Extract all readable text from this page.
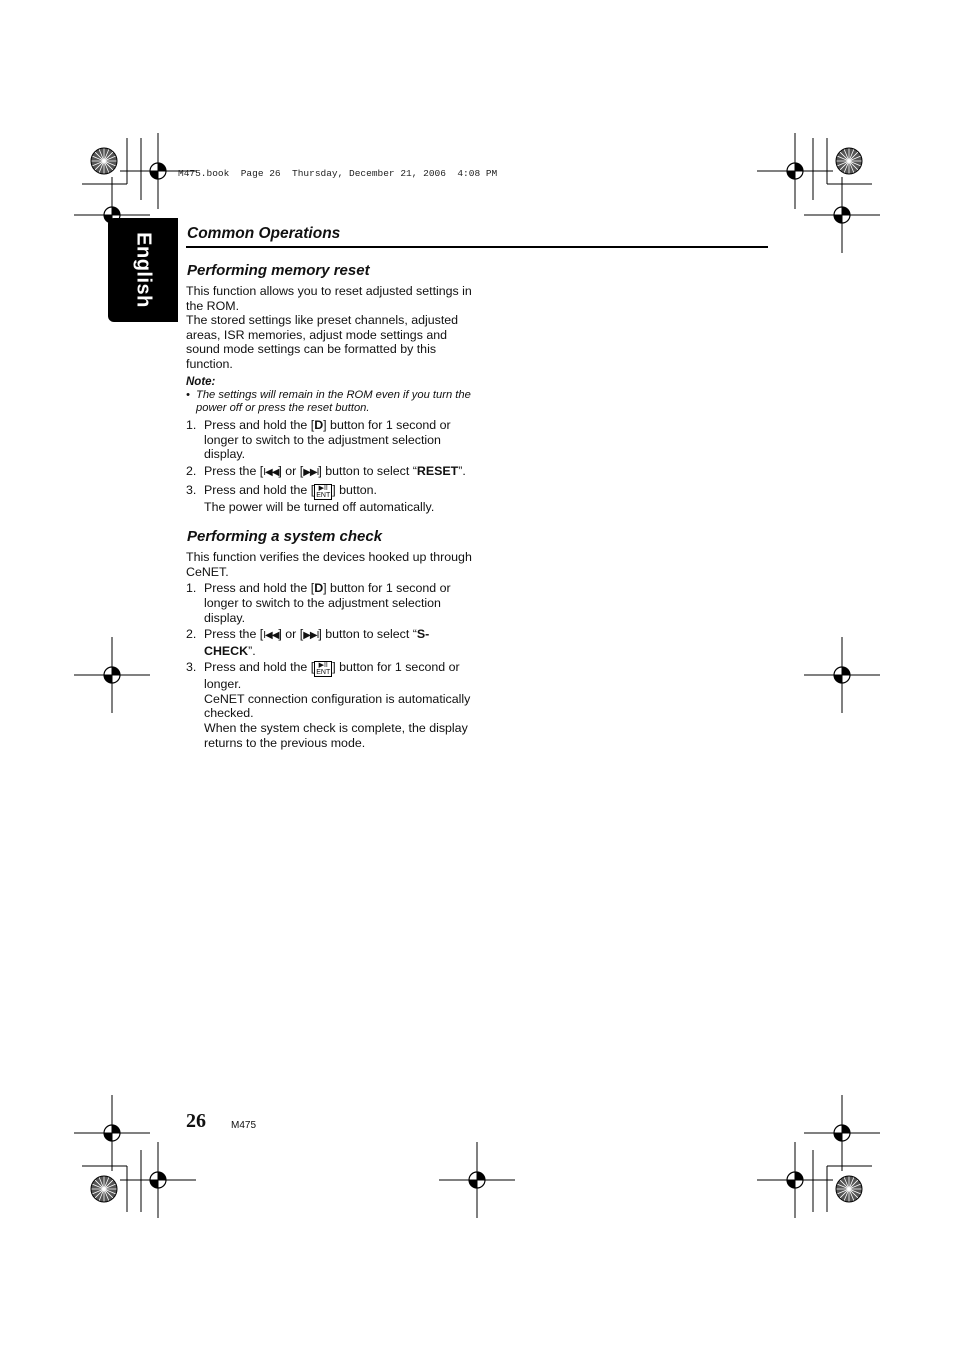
M475.book  Page 26  Thursday, December 21, 2006  4:08 PM
English Common Operations
Performing memory reset

This function allows you to reset adjusted settings in the ROM.

The stored settings like preset channels, adjusted areas, ISR memories, adjust mode settings and sound mode settings can be formatted by this function.

Note:
• The settings will remain in the ROM even if you turn the power off or press the reset button.
1. Press and hold the [D] button for 1 second or longer to switch to the adjustment selection display.
2. Press the [I◀◀] or [▶▶I] button to select “RESET”.
3. Press and hold the [ ▶II
ENT ] button.
The power will be turned off automatically.
Performing a system check

This function verifies the devices hooked up through CeNET.

1. Press and hold the [D] button for 1 second or longer to switch to the adjustment selection display.
2. Press the [I◀◀] or [▶▶I] button to select “S-CHECK”.
3. Press and hold the [ ▶II
ENT ] button for 1 second or longer.
CeNET connection configuration is automatically checked.
When the system check is complete, the display returns to the previous mode.
26	M475
